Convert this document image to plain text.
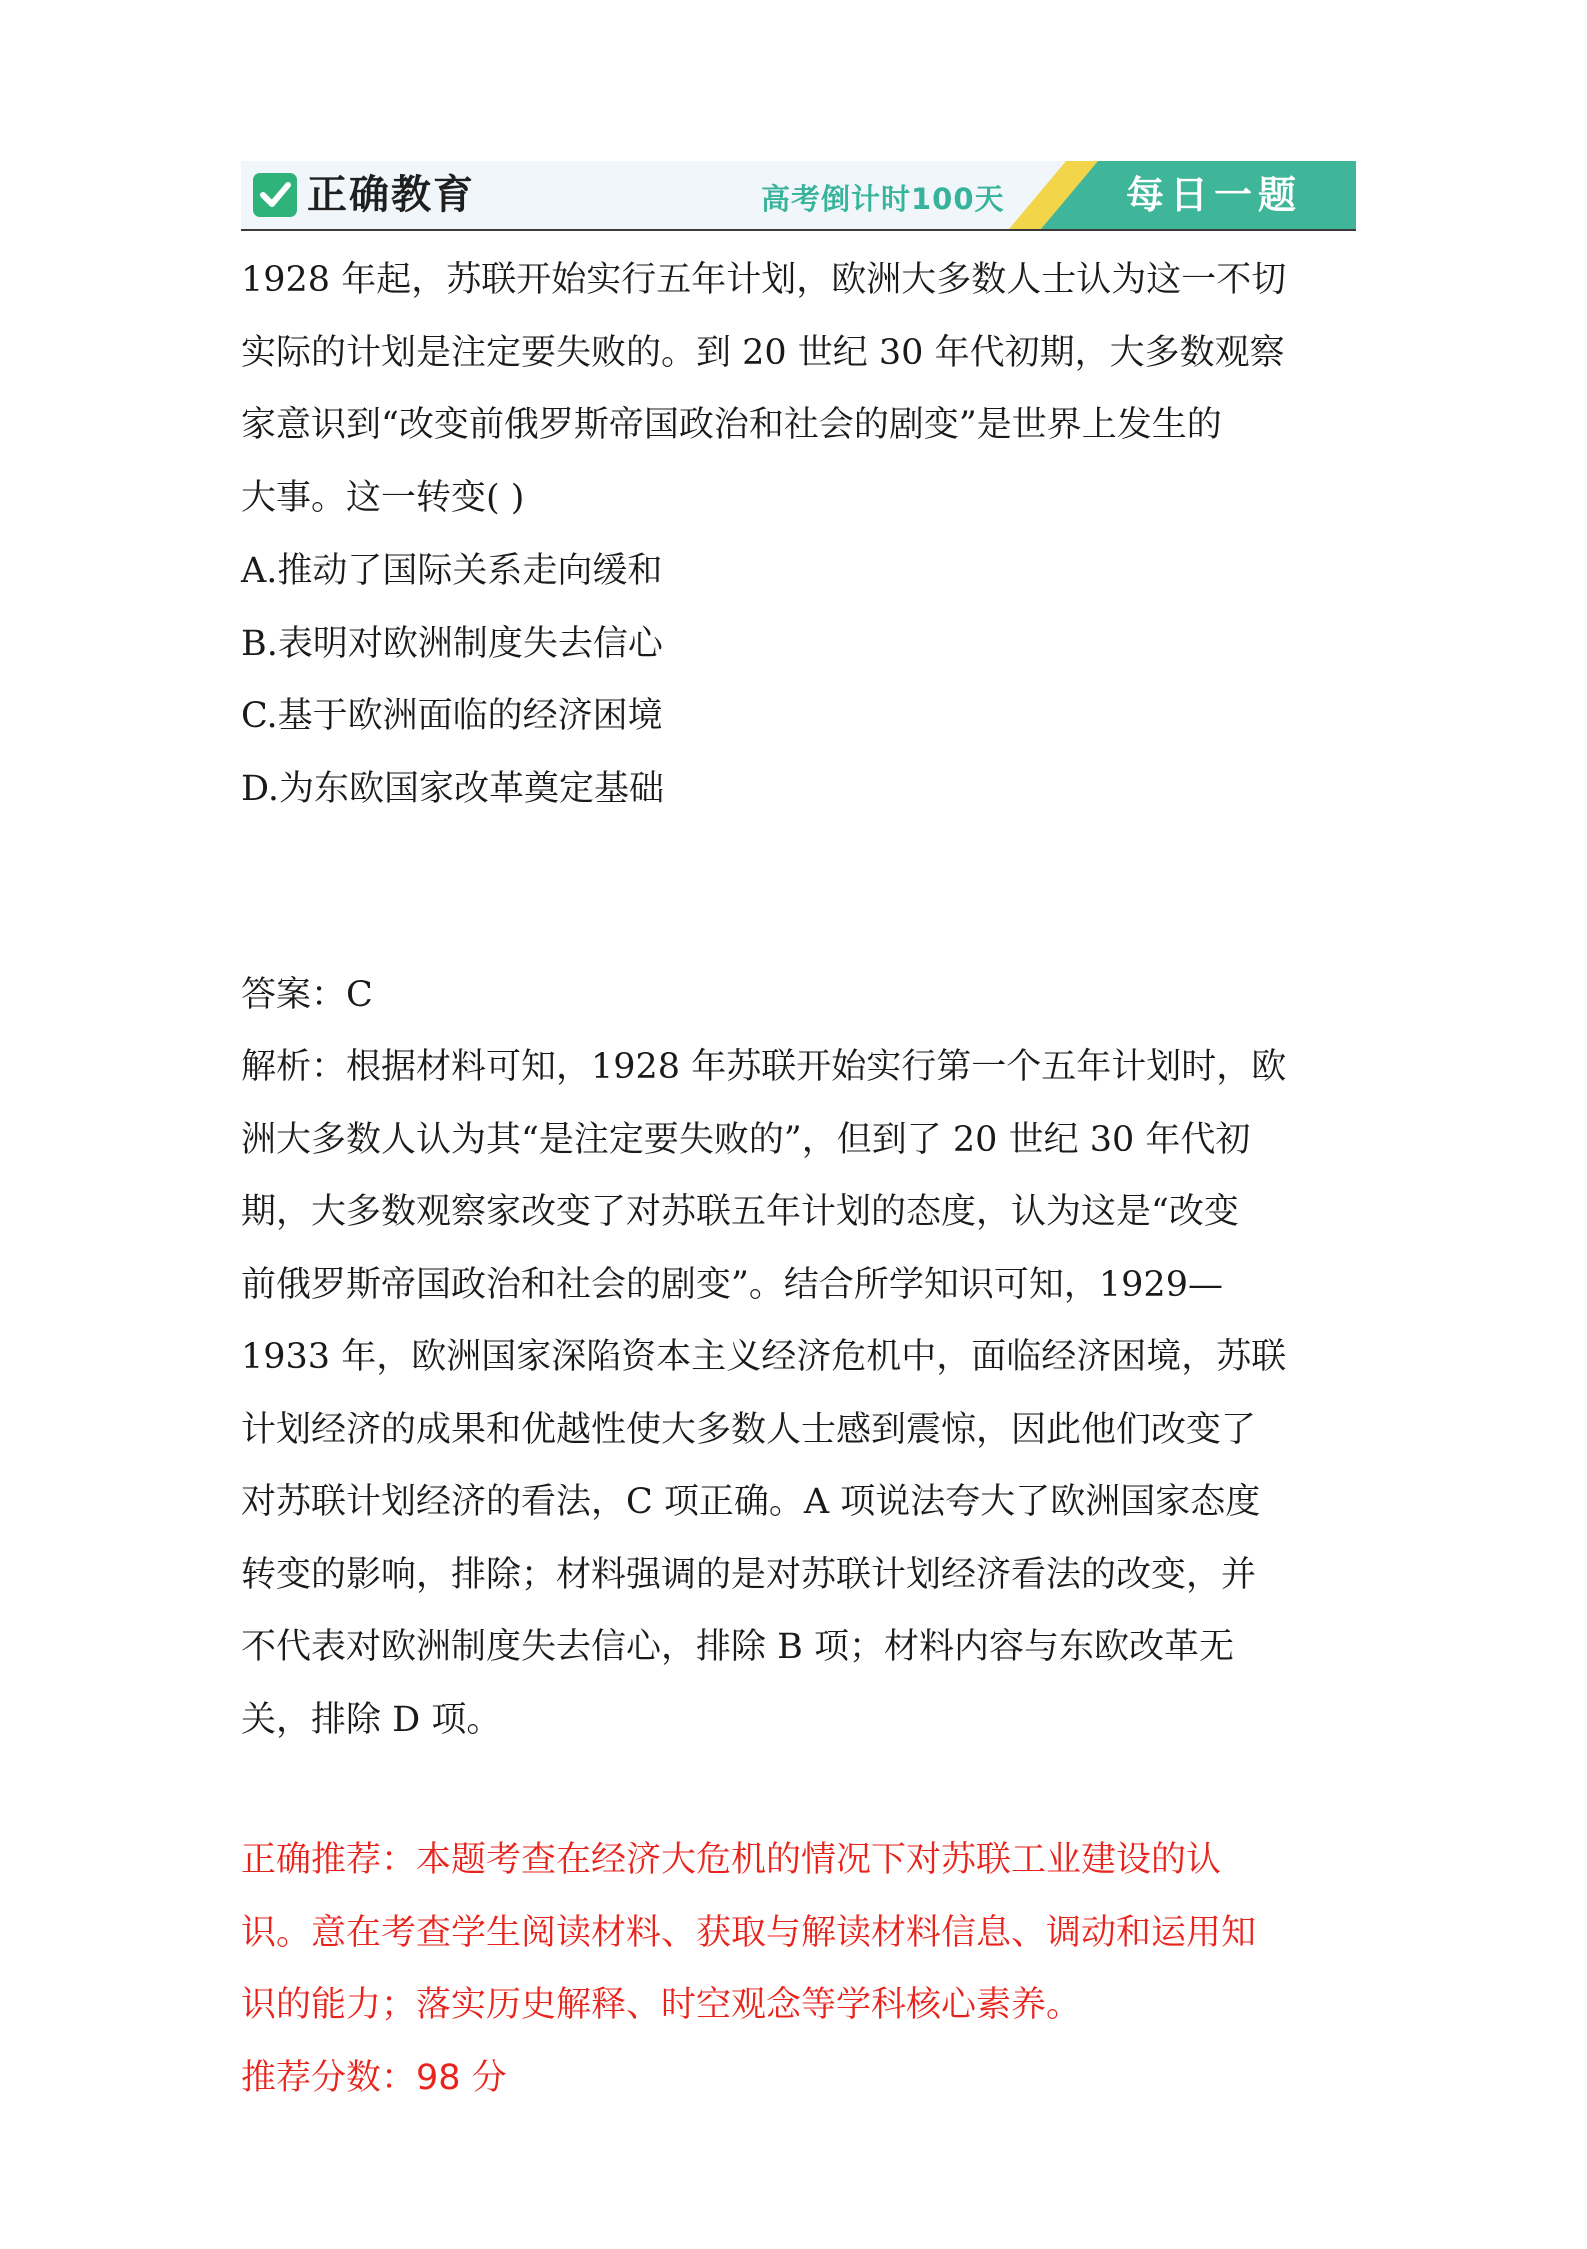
正确教育	高考倒计时100天	每日一题
1928 年起，苏联开始实行五年计划，欧洲大多数人士认为这一不切
实际的计划是注定要失败的。到 20 世纪 30 年代初期，大多数观察
家意识到“改变前俄罗斯帝国政治和社会的剧变”是世界上发生的
大事。这一转变( )
A.推动了国际关系走向缓和
B.表明对欧洲制度失去信心
C.基于欧洲面临的经济困境
D.为东欧国家改革奠定基础
答案：C
解析：根据材料可知，1928 年苏联开始实行第一个五年计划时，欧
洲大多数人认为其“是注定要失败的”，但到了 20 世纪 30 年代初
期，大多数观察家改变了对苏联五年计划的态度，认为这是“改变
前俄罗斯帝国政治和社会的剧变”。结合所学知识可知，1929—
1933 年，欧洲国家深陷资本主义经济危机中，面临经济困境，苏联
计划经济的成果和优越性使大多数人士感到震惊，因此他们改变了
对苏联计划经济的看法，C 项正确。A 项说法夸大了欧洲国家态度
转变的影响，排除；材料强调的是对苏联计划经济看法的改变，并
不代表对欧洲制度失去信心，排除 B 项；材料内容与东欧改革无
关，排除 D 项。
正确推荐：本题考查在经济大危机的情况下对苏联工业建设的认
识。意在考查学生阅读材料、获取与解读材料信息、调动和运用知
识的能力；落实历史解释、时空观念等学科核心素养。
推荐分数：98 分
